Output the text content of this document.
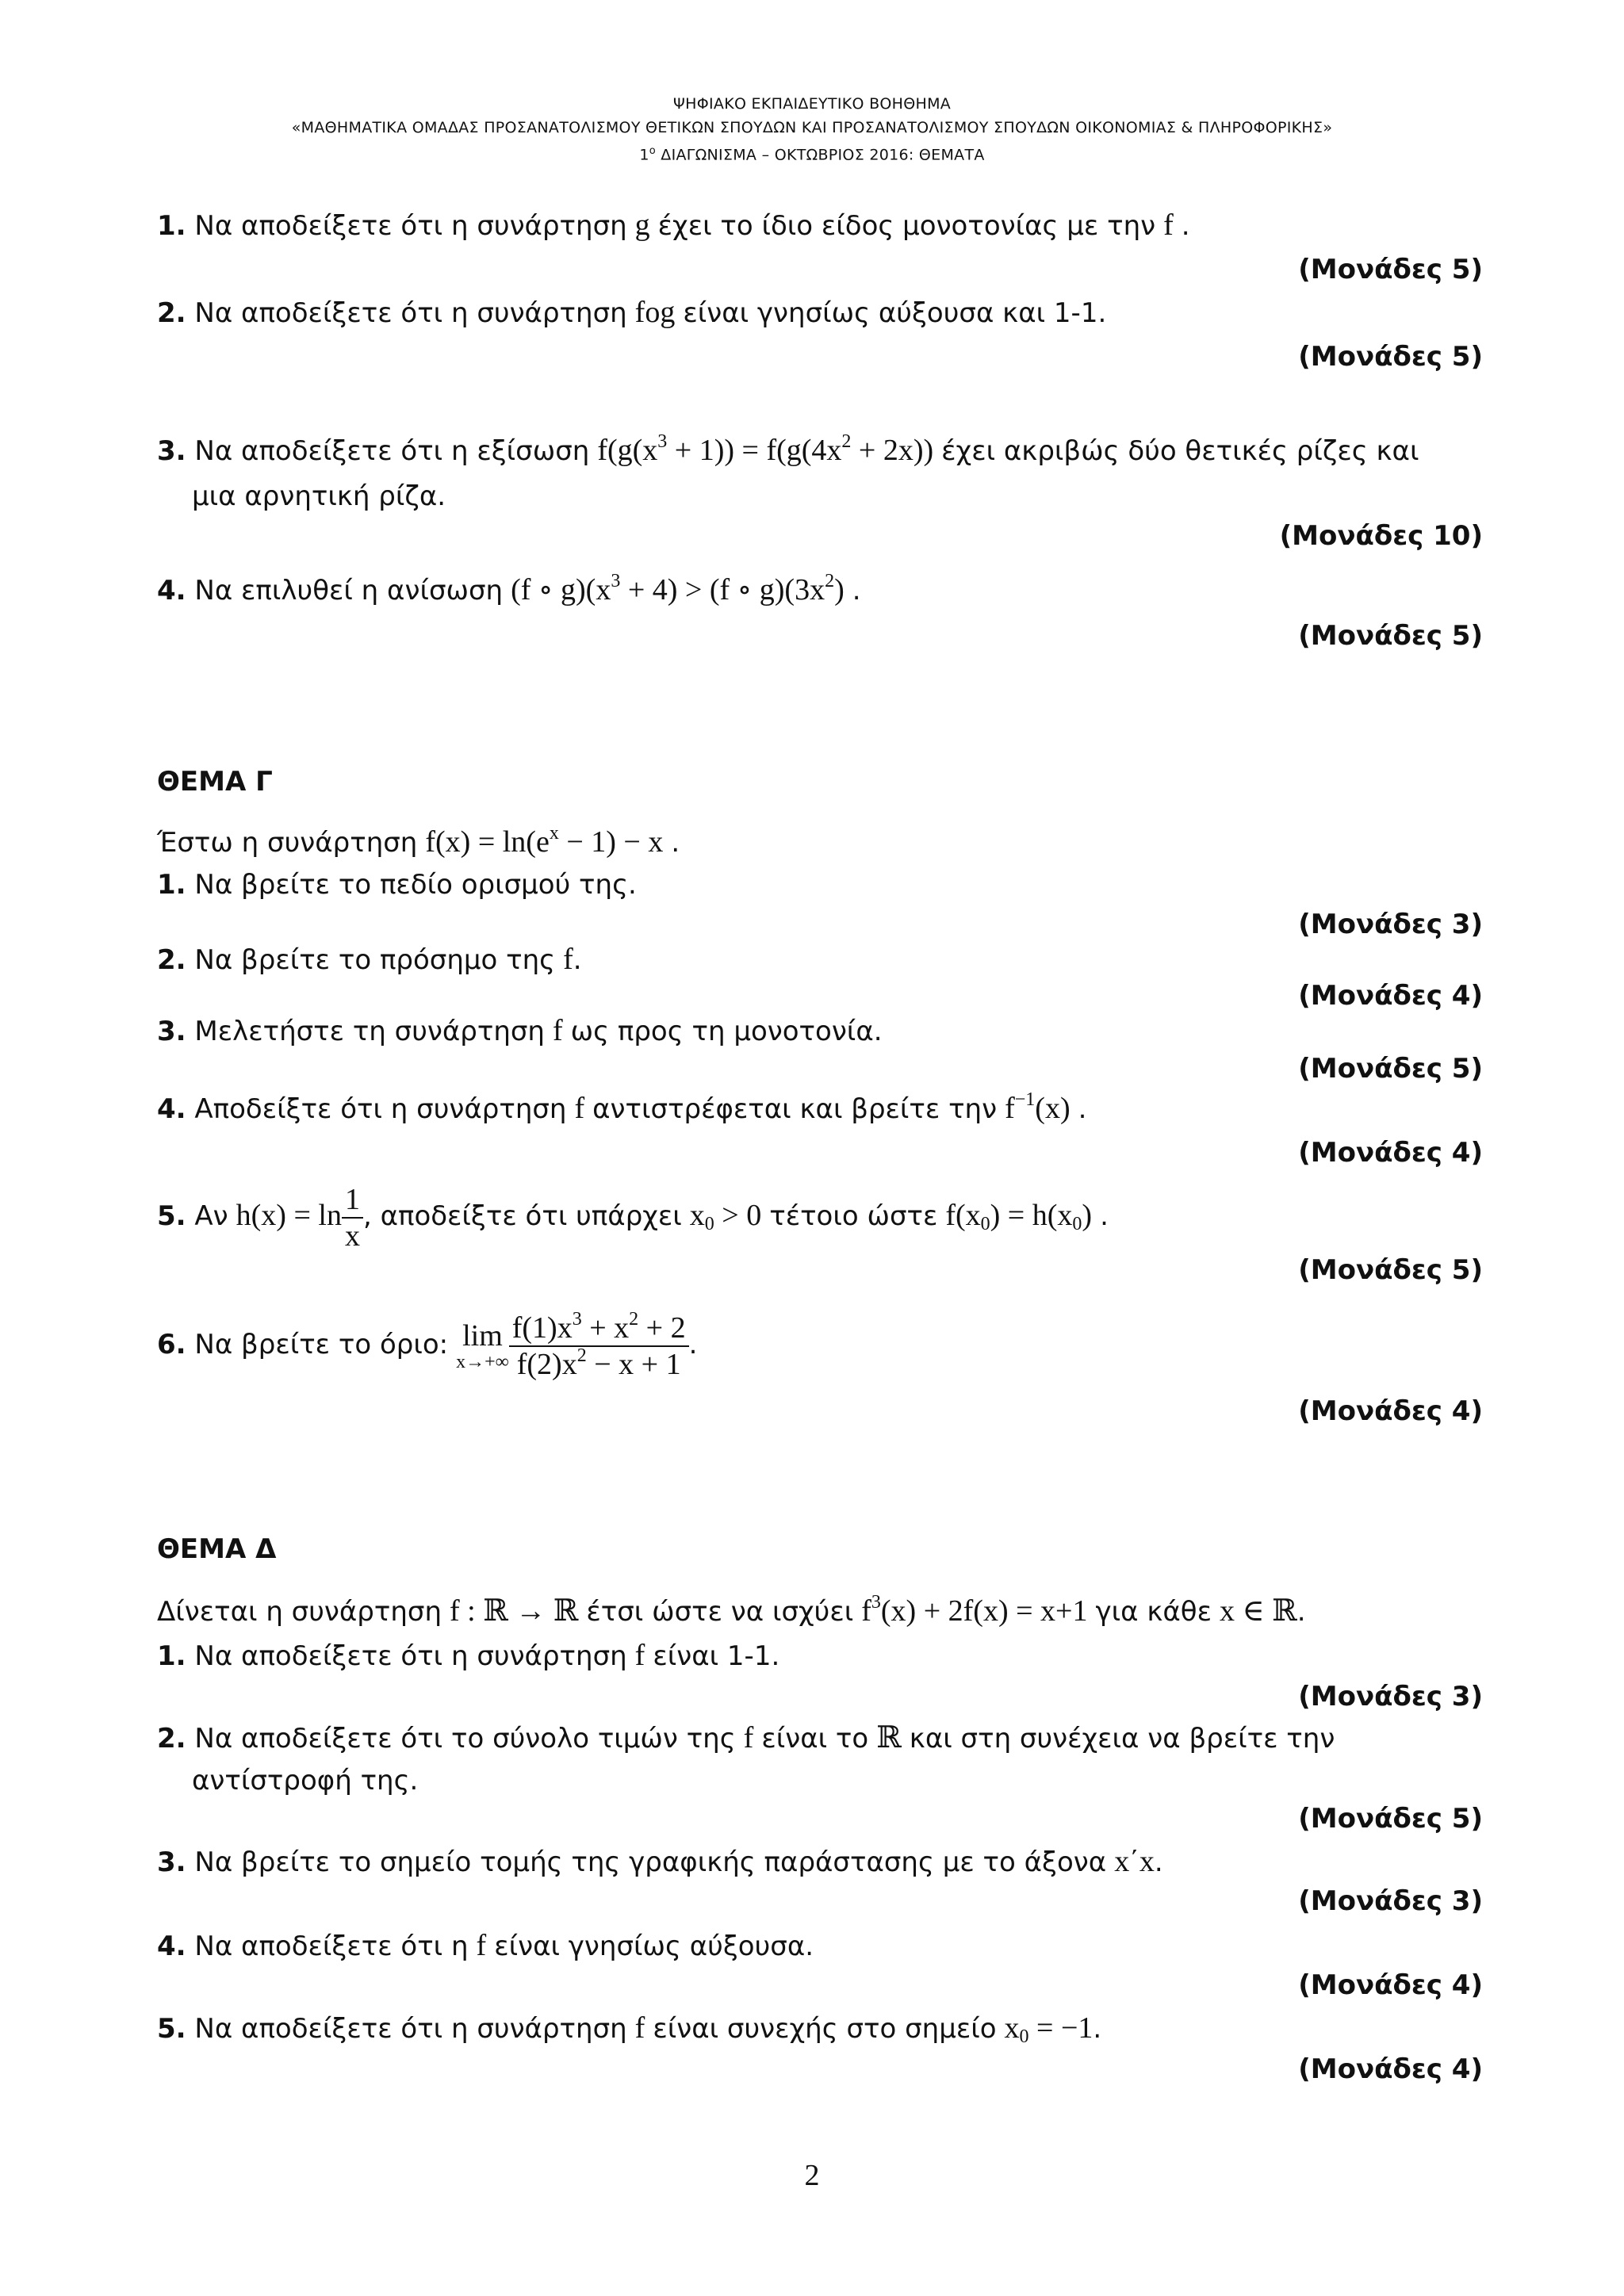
ΨΗΦΙΑΚΟ ΕΚΠΑΙΔΕΥΤΙΚΟ ΒΟΗΘΗΜΑ
«ΜΑΘΗΜΑΤΙΚΑ ΟΜΑΔΑΣ ΠΡΟΣΑΝΑΤΟΛΙΣΜΟΥ ΘΕΤΙΚΩΝ ΣΠΟΥΔΩΝ ΚΑΙ ΠΡΟΣΑΝΑΤΟΛΙΣΜΟΥ ΣΠΟΥΔΩΝ ΟΙΚΟΝΟΜΙΑΣ & ΠΛΗΡΟΦΟΡΙΚΗΣ»
$1^o$ ΔΙΑΓΩΝΙΣΜΑ – ΟΚΤΩΒΡΙΟΣ 2016: ΘΕΜΑΤΑ
1. Να αποδείξετε ότι η συνάρτηση g έχει το ίδιο είδος μονοτονίας με την f .
(Μονάδες 5)
2. Να αποδείξετε ότι η συνάρτηση fog είναι γνησίως αύξουσα και 1-1.
(Μονάδες 5)
3. Να αποδείξετε ότι η εξίσωση $f(g(x^3 + 1)) = f(g(4x^2 + 2x))$ έχει ακριβώς δύο θετικές ρίζες και
μια αρνητική ρίζα.
(Μονάδες 10)
4. Να επιλυθεί η ανίσωση (f ∘ $g)(x^3 + 4) > (f$ ∘ $g)(3x^2)$ .
(Μονάδες 5)
ΘΕΜΑ Γ
Έστω η συνάρτηση $f(x) = \ln(e^x - 1) - x$ .
1. Να βρείτε το πεδίο ορισμού της.
(Μονάδες 3)
2. Να βρείτε το πρόσημο της f.
(Μονάδες 4)
3. Μελετήστε τη συνάρτηση f ως προς τη μονοτονία.
(Μονάδες 5)
4. Αποδείξτε ότι η συνάρτηση f αντιστρέφεται και βρείτε την $f^{-1}(x)$ .
(Μονάδες 4)
5. Αν $h(x) = \ln \frac{1}{x}$ , αποδείξτε ότι υπάρχει $x_0 > 0$ τέτοιο ώστε $f(x_0) = h(x_0)$ .
(Μονάδες 5)
6. Να βρείτε το όριο: lim
$x\to+\infty \frac{f(1)x^3 + x^2 + 2}{f(2)x^2 - x + 1}$ .
(Μονάδες 4)
ΘΕΜΑ Δ
Δίνεται η συνάρτηση f : ℝ → ℝ έτσι ώστε να ισχύει $f^3(x) + 2f(x) = x+1$ για κάθε x ∈ ℝ.
1. Να αποδείξετε ότι η συνάρτηση f είναι 1-1.
(Μονάδες 3)
2. Να αποδείξετε ότι το σύνολο τιμών της f είναι το ℝ και στη συνέχεια να βρείτε την
αντίστροφή της.
(Μονάδες 5)
3. Να βρείτε το σημείο τομής της γραφικής παράστασης με το άξονα x΄x.
(Μονάδες 3)
4. Να αποδείξετε ότι η f είναι γνησίως αύξουσα.
(Μονάδες 4)
5. Να αποδείξετε ότι η συνάρτηση f είναι συνεχής στο σημείο $x_0 = -1$.
(Μονάδες 4)
2
